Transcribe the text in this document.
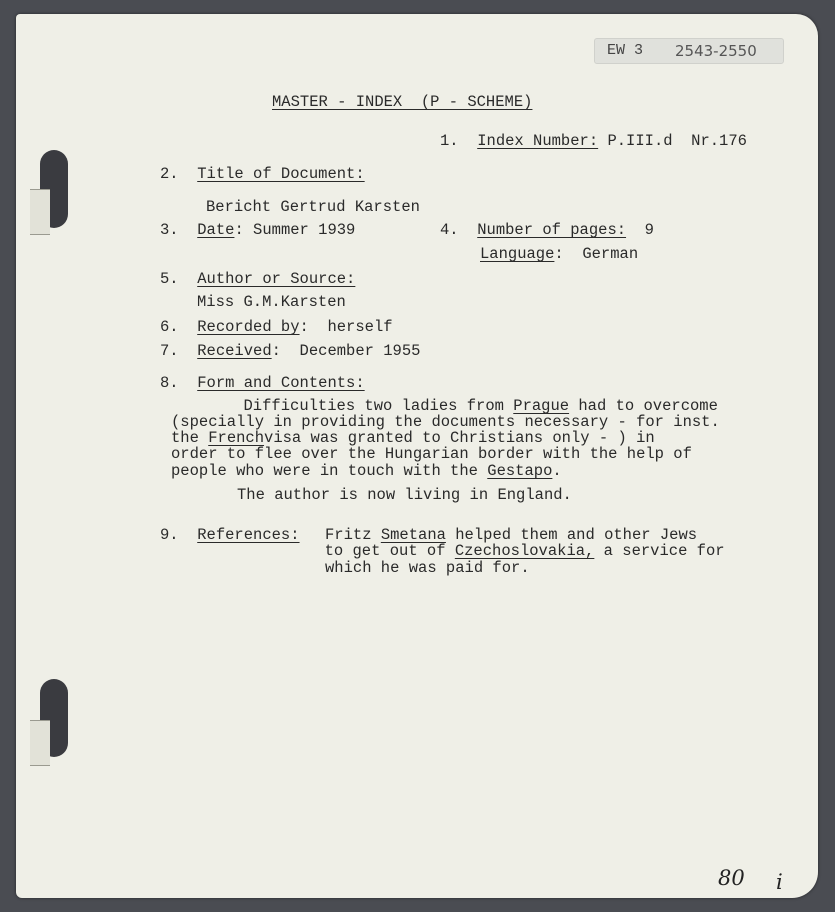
EW 3 2543-2550
MASTER - INDEX  (P - SCHEME)
1. Index Number: P.III.d  Nr.176
2. Title of Document:
Bericht Gertrud Karsten
3. Date: Summer 1939	4. Number of pages:  9
Language:  German
5. Author or Source:
Miss G.M.Karsten
6. Recorded by:  herself
7. Received:  December 1955
8. Form and Contents:
Difficulties two ladies from Prague had to overcome
(specially in providing the documents necessary - for inst.
the Frenchvisa was granted to Christians only - ) in
order to flee over the Hungarian border with the help of
people who were in touch with the Gestapo.
The author is now living in England.
9. References: Fritz Smetana helped them and other Jews
to get out of Czechoslovakia, a service for
which he was paid for.
80 i
